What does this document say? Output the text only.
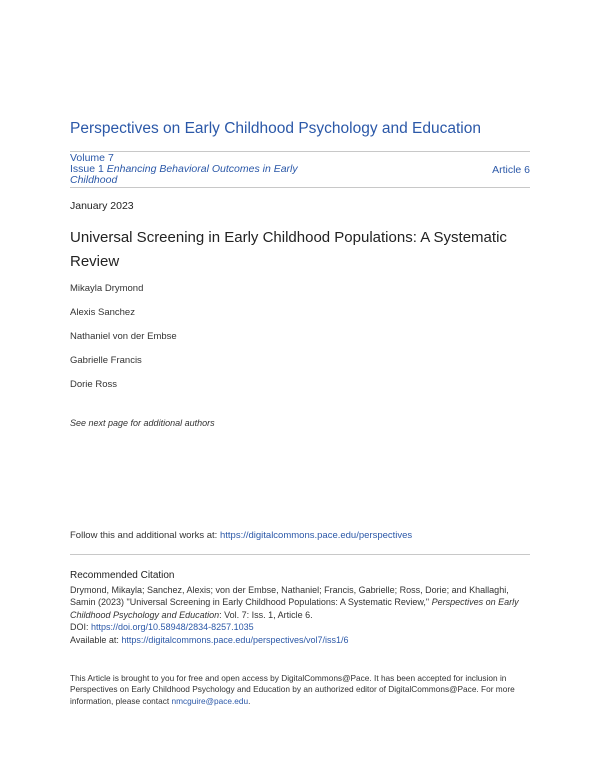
Perspectives on Early Childhood Psychology and Education
Volume 7
Issue 1 Enhancing Behavioral Outcomes in Early Childhood
Article 6
January 2023
Universal Screening in Early Childhood Populations: A Systematic Review
Mikayla Drymond
Alexis Sanchez
Nathaniel von der Embse
Gabrielle Francis
Dorie Ross
See next page for additional authors
Follow this and additional works at: https://digitalcommons.pace.edu/perspectives
Recommended Citation
Drymond, Mikayla; Sanchez, Alexis; von der Embse, Nathaniel; Francis, Gabrielle; Ross, Dorie; and Khallaghi, Samin (2023) "Universal Screening in Early Childhood Populations: A Systematic Review," Perspectives on Early Childhood Psychology and Education: Vol. 7: Iss. 1, Article 6.
DOI: https://doi.org/10.58948/2834-8257.1035
Available at: https://digitalcommons.pace.edu/perspectives/vol7/iss1/6
This Article is brought to you for free and open access by DigitalCommons@Pace. It has been accepted for inclusion in Perspectives on Early Childhood Psychology and Education by an authorized editor of DigitalCommons@Pace. For more information, please contact nmcguire@pace.edu.
